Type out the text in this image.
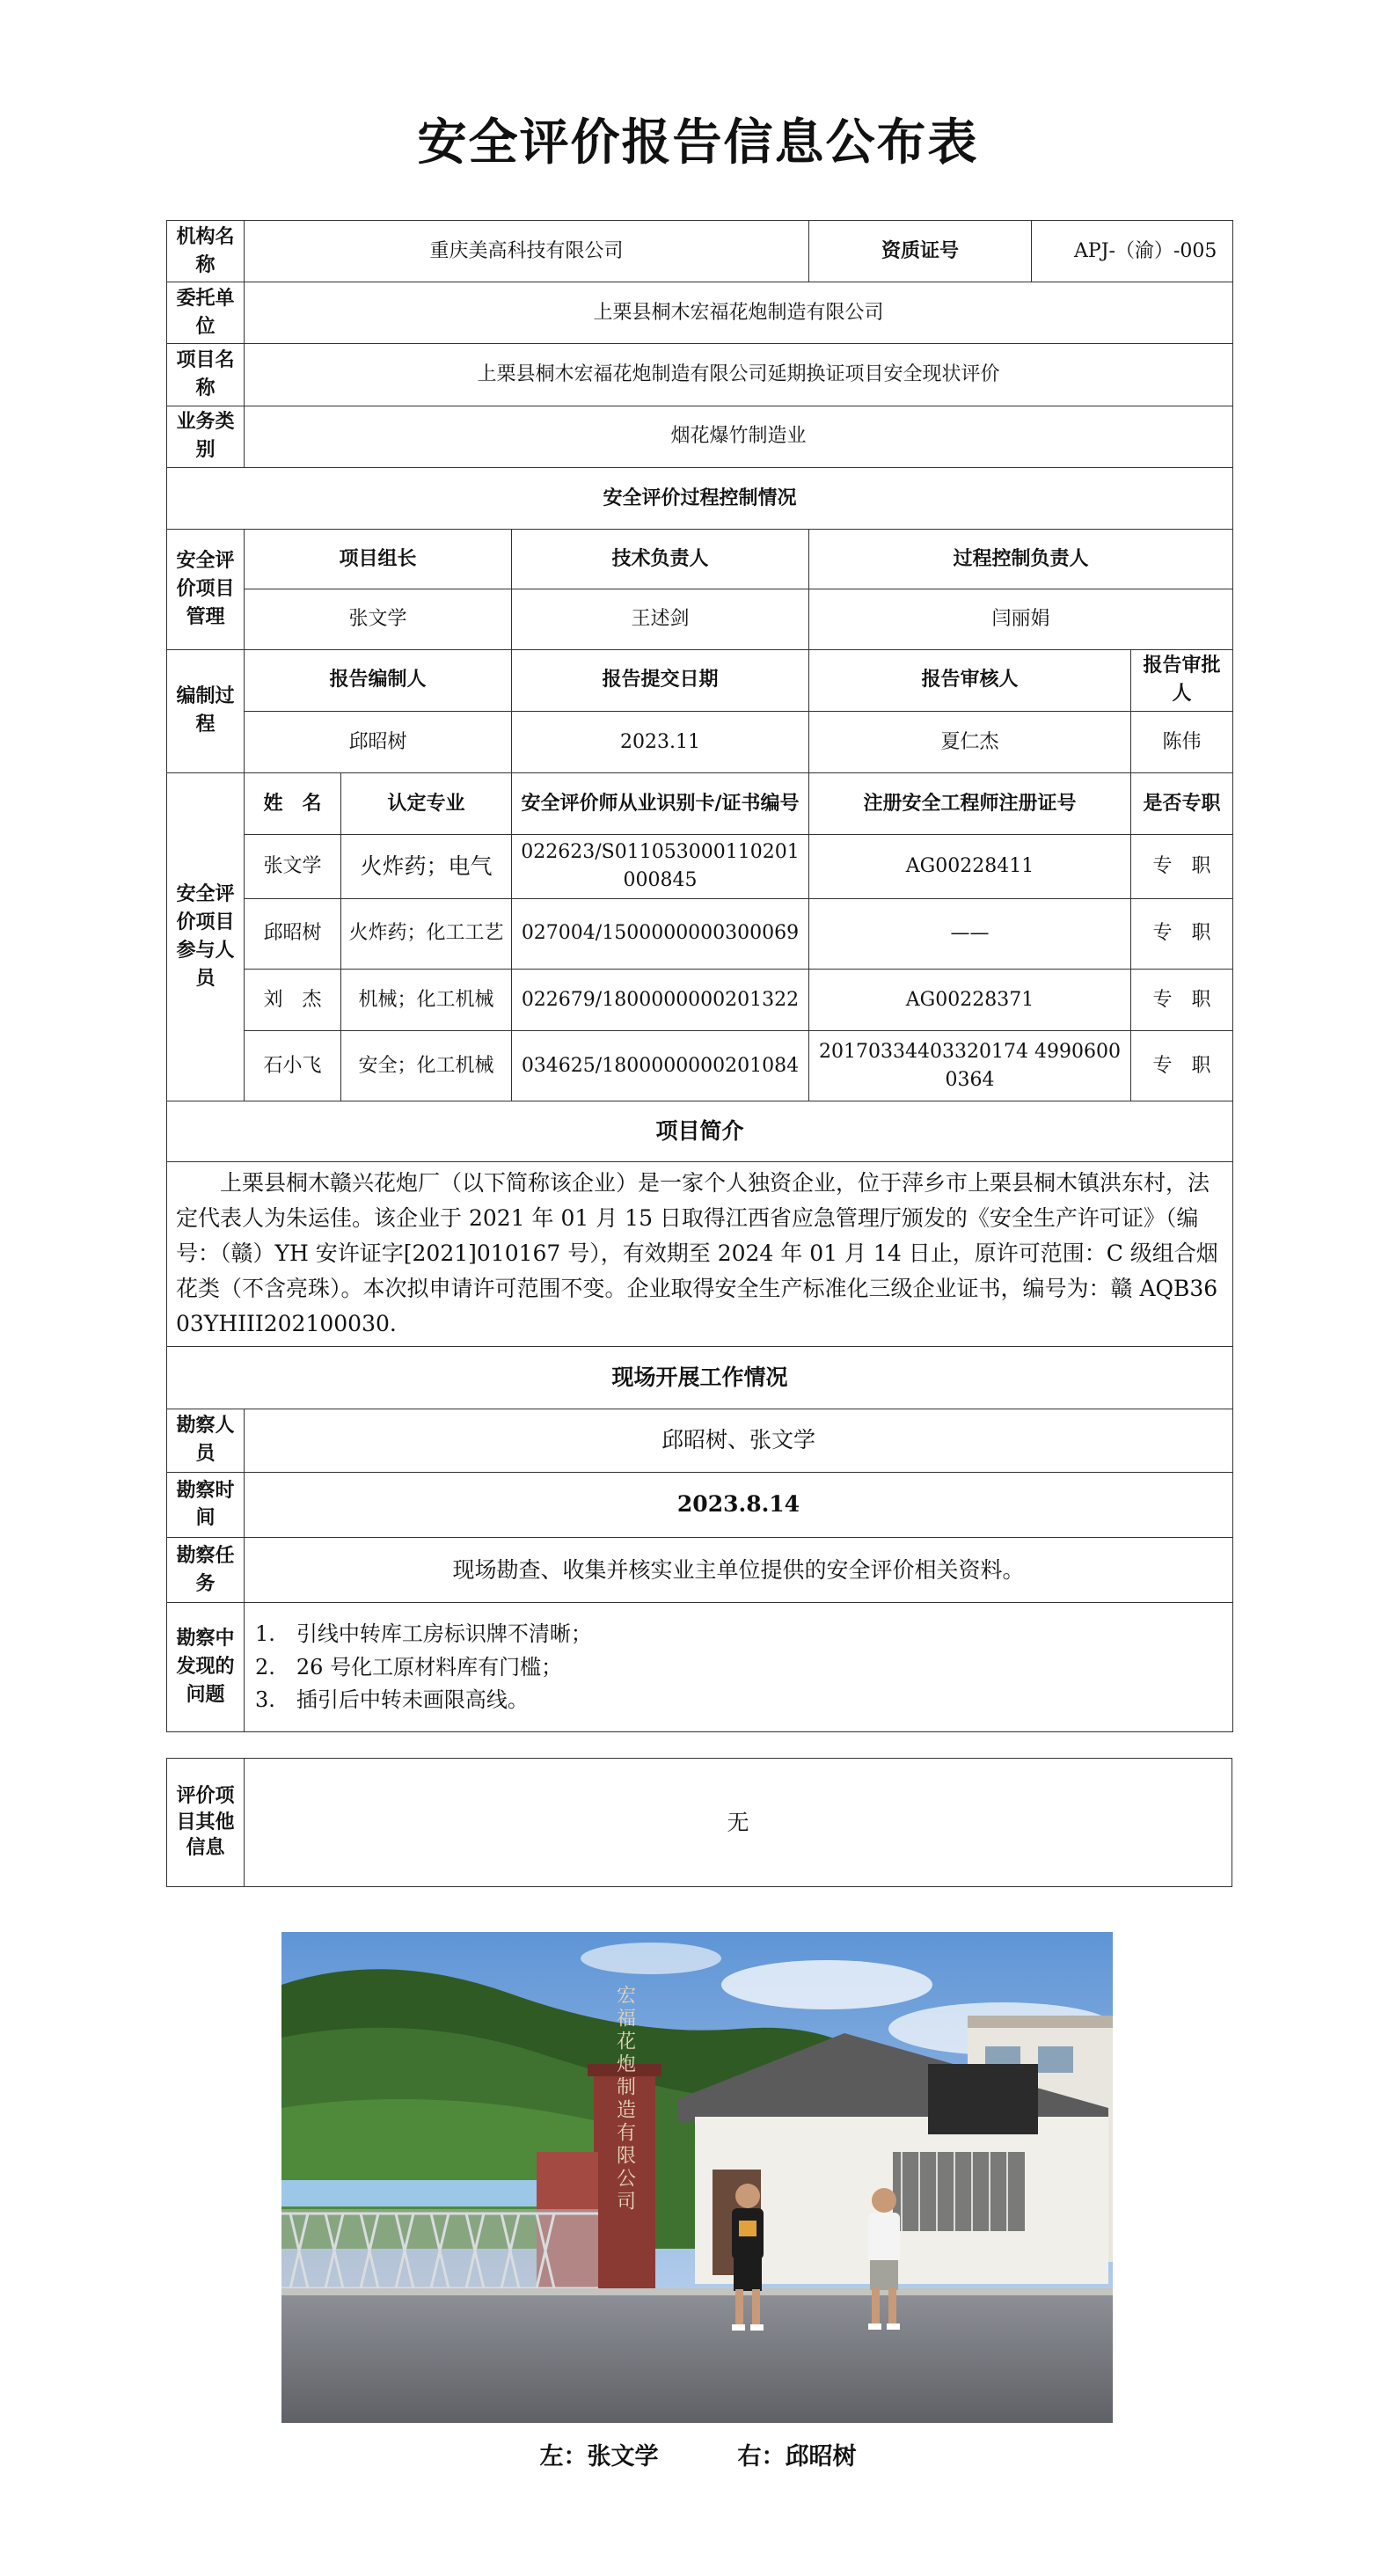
安全评价报告信息公布表
机构名称	重庆美高科技有限公司			资质证号	APJ-（渝）-005	
委托单位	上栗县桐木宏福花炮制造有限公司					
项目名称	上栗县桐木宏福花炮制造有限公司延期换证项目安全现状评价					
业务类别	烟花爆竹制造业					
安全评价过程控制情况						
安全评价项目管理	项目组长		技术负责人	过程控制负责人		
	张文学		王述剑	闫丽娟		
编制过程	报告编制人		报告提交日期	报告审核人		报告审批人
	邱昭树		2023.11	夏仁杰		陈伟
安全评价项目参与人员	姓　名	认定专业	安全评价师从业识别卡/证书编号	注册安全工程师注册证号		是否专职
	张文学	火炸药；电气	022623/S011053000110201000845	AG00228411		专　职
	邱昭树	火炸药；化工工艺	027004/1500000000300069	——		专　职
	刘　杰	机械；化工机械	022679/1800000000201322	AG00228371		专　职
	石小飞	安全；化工机械	034625/1800000000201084	20170334403320174 49906000364		专　职
项目简介						
上栗县桐木赣兴花炮厂（以下简称该企业）是一家个人独资企业，位于萍乡市上栗县桐木镇洪东村，法定代表人为朱运佳。该企业于 2021 年 01 月 15 日取得江西省应急管理厅颁发的《安全生产许可证》（编号：（赣）YH 安许证字[2021]010167 号），有效期至 2024 年 01 月 14 日止，原许可范围：C 级组合烟花类（不含亮珠）。本次拟申请许可范围不变。企业取得安全生产标准化三级企业证书，编号为：赣 AQB3603YHIII202100030.						
现场开展工作情况						
勘察人员	邱昭树、张文学					
勘察时间	2023.8.14					
勘察任务	现场勘查、收集并核实业主单位提供的安全评价相关资料。					
勘察中发现的问题	1.　引线中转库工房标识牌不清晰；
2.　26 号化工原材料库有门槛；
3.　插引后中转未画限高线。					
评价项目其他信息	无
宏福花炮制造有限公司
左：张文学	右：邱昭树
